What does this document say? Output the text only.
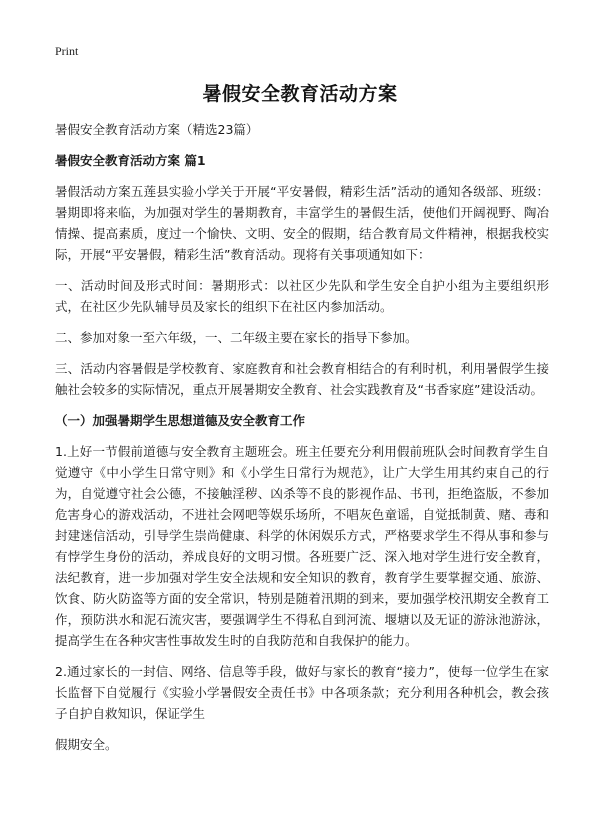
Print
暑假安全教育活动方案

暑假安全教育活动方案（精选23篇）

暑假安全教育活动方案 篇1

暑假活动方案五莲县实验小学关于开展“平安暑假，精彩生活”活动的通知各级部、班级：暑期即将来临，为加强对学生的暑期教育，丰富学生的暑假生活，使他们开阔视野、陶冶情操、提高素质，度过一个愉快、文明、安全的假期，结合教育局文件精神，根据我校实际，开展“平安暑假，精彩生活”教育活动。现将有关事项通知如下：

一、活动时间及形式时间：暑期形式：以社区少先队和学生安全自护小组为主要组织形式，在社区少先队辅导员及家长的组织下在社区内参加活动。

二、参加对象一至六年级，一、二年级主要在家长的指导下参加。

三、活动内容暑假是学校教育、家庭教育和社会教育相结合的有利时机，利用暑假学生接触社会较多的实际情况，重点开展暑期安全教育、社会实践教育及“书香家庭”建设活动。

（一）加强暑期学生思想道德及安全教育工作

1.上好一节假前道德与安全教育主题班会。班主任要充分利用假前班队会时间教育学生自觉遵守《中小学生日常守则》和《小学生日常行为规范》，让广大学生用其约束自己的行为，自觉遵守社会公德，不接触淫秽、凶杀等不良的影视作品、书刊，拒绝盗版，不参加危害身心的游戏活动，不进社会网吧等娱乐场所，不唱灰色童谣，自觉抵制黄、赌、毒和封建迷信活动，引导学生崇尚健康、科学的休闲娱乐方式，严格要求学生不得从事和参与有悖学生身份的活动，养成良好的文明习惯。各班要广泛、深入地对学生进行安全教育，法纪教育，进一步加强对学生安全法规和安全知识的教育，教育学生要掌握交通、旅游、饮食、防火防盗等方面的安全常识，特别是随着汛期的到来，要加强学校汛期安全教育工作，预防洪水和泥石流灾害，要强调学生不得私自到河流、堰塘以及无证的游泳池游泳，提高学生在各种灾害性事故发生时的自我防范和自我保护的能力。

2.通过家长的一封信、网络、信息等手段，做好与家长的教育“接力”，使每一位学生在家长监督下自觉履行《实验小学暑假安全责任书》中各项条款；充分利用各种机会，教会孩子自护自救知识，保证学生

假期安全。
